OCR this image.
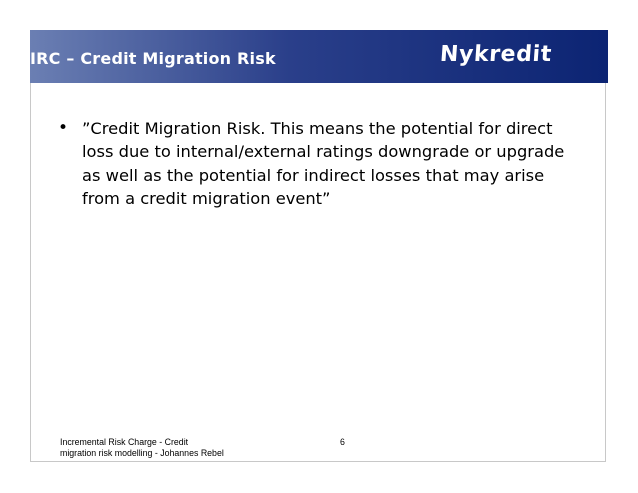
IRC – Credit Migration Risk	Nykredit
• ”Credit Migration Risk. This means the potential for direct loss due to internal/external ratings downgrade or upgrade as well as the potential for indirect losses that may arise from a credit migration event”
Incremental Risk Charge - Credit
migration risk modelling - Johannes Rebel
6
